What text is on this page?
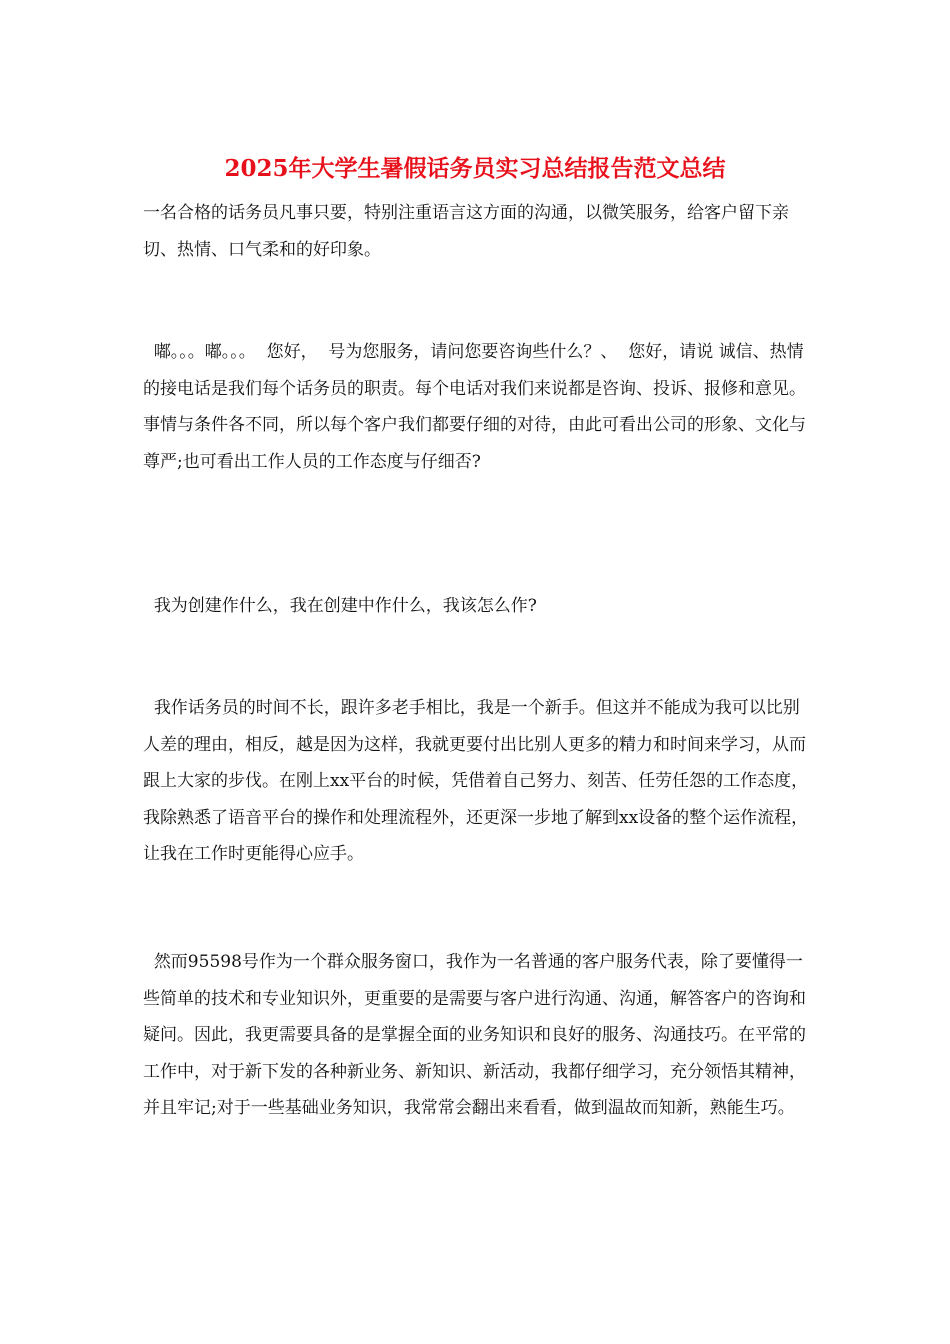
2025年大学生暑假话务员实习总结报告范文总结

一名合格的话务员凡事只要，特别注重语言这方面的沟通，以微笑服务，给客户留下亲切、热情、口气柔和的好印象。

嘟。。。嘟。。。  您好，  号为您服务，请问您要咨询些什么？、  您好，请说 诚信、热情的接电话是我们每个话务员的职责。每个电话对我们来说都是咨询、投诉、报修和意见。事情与条件各不同，所以每个客户我们都要仔细的对待，由此可看出公司的形象、文化与尊严;也可看出工作人员的工作态度与仔细否?

我为创建作什么，我在创建中作什么，我该怎么作?

我作话务员的时间不长，跟许多老手相比，我是一个新手。但这并不能成为我可以比别人差的理由，相反，越是因为这样，我就更要付出比别人更多的精力和时间来学习，从而跟上大家的步伐。在刚上xx平台的时候，凭借着自己努力、刻苦、任劳任怨的工作态度，我除熟悉了语音平台的操作和处理流程外，还更深一步地了解到xx设备的整个运作流程，让我在工作时更能得心应手。

然而95598号作为一个群众服务窗口，我作为一名普通的客户服务代表，除了要懂得一些简单的技术和专业知识外，更重要的是需要与客户进行沟通、沟通，解答客户的咨询和疑问。因此，我更需要具备的是掌握全面的业务知识和良好的服务、沟通技巧。在平常的工作中，对于新下发的各种新业务、新知识、新活动，我都仔细学习，充分领悟其精神，并且牢记;对于一些基础业务知识，我常常会翻出来看看，做到温故而知新，熟能生巧。
